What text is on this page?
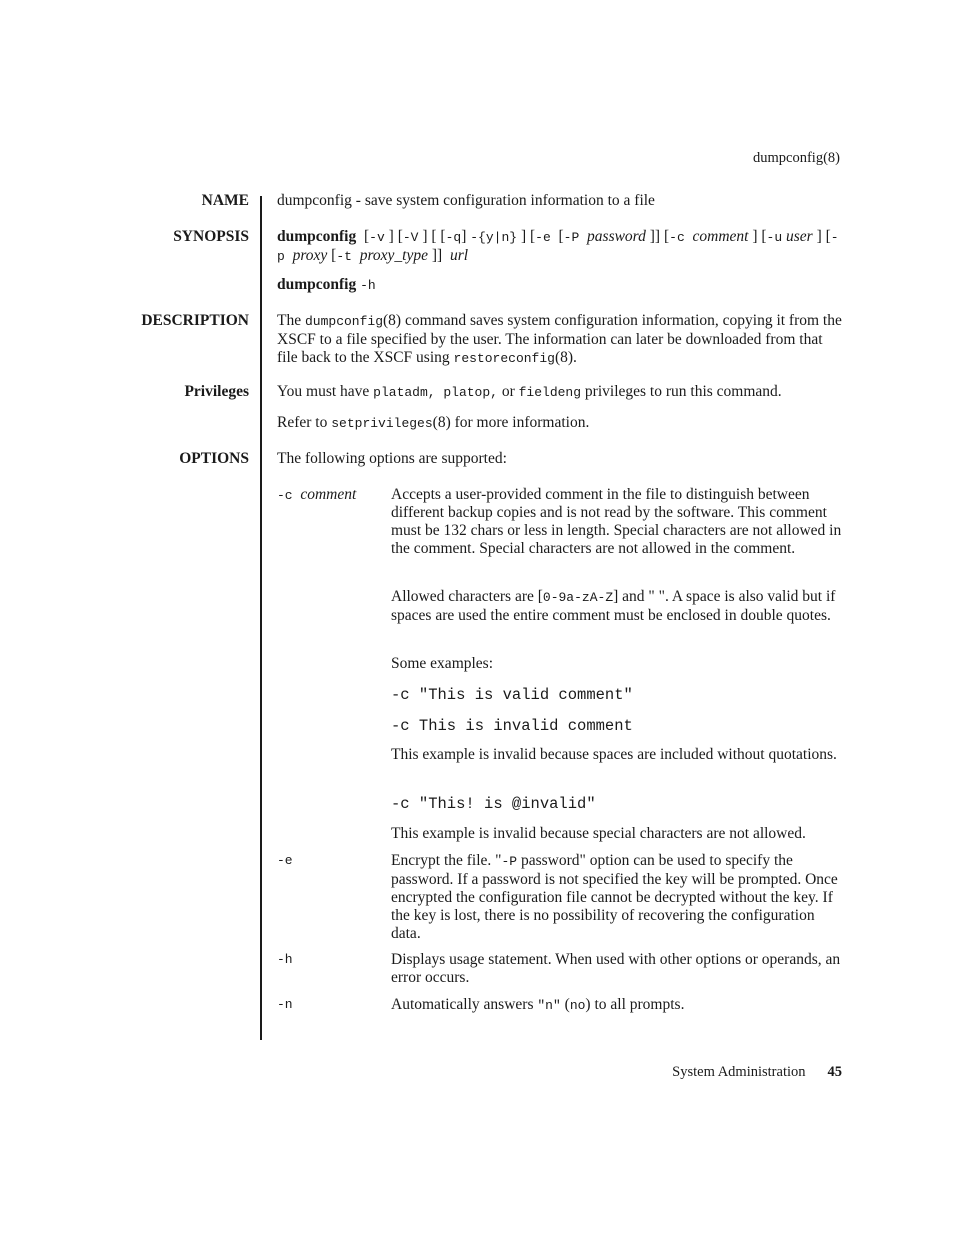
dumpconfig(8)
NAME dumpconfig - save system configuration information to a file
SYNOPSIS dumpconfig  [-v ] [-V ] [ [-q] -{y|n} ] [-e  [-P password ]] [-c comment ] [-u user ] [-p proxy [-t proxy_type ]]  url
dumpconfig -h
DESCRIPTION The dumpconfig(8) command saves system configuration information, copying it from the XSCF to a file specified by the user. The information can later be downloaded from that file back to the XSCF using restoreconfig(8).
Privileges You must have platadm, platop, or fieldeng privileges to run this command.
Refer to setprivileges(8) for more information.
OPTIONS The following options are supported:
-c comment Accepts a user-provided comment in the file to distinguish between different backup copies and is not read by the software. This comment must be 132 chars or less in length. Special characters are not allowed in the comment. Special characters are not allowed in the comment.
Allowed characters are [0-9a-zA-Z] and " ". A space is also valid but if spaces are used the entire comment must be enclosed in double quotes.
Some examples:
-c "This is valid comment"
-c This is invalid comment
This example is invalid because spaces are included without quotations.
-c "This! is @invalid"
This example is invalid because special characters are not allowed.
-e	Encrypt the file. "-P password" option can be used to specify the password. If a password is not specified the key will be prompted. Once encrypted the configuration file cannot be decrypted without the key. If the key is lost, there is no possibility of recovering the configuration data.
-h	Displays usage statement. When used with other options or operands, an error occurs.
-n	Automatically answers "n" (no) to all prompts.
System Administration 45
